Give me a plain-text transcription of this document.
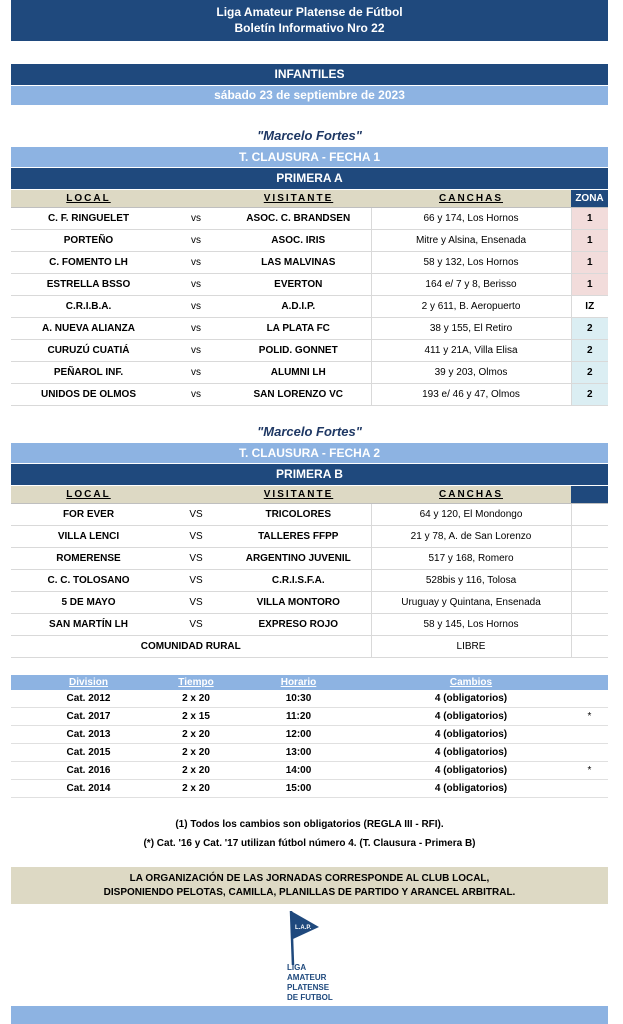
Liga Amateur Platense de Fútbol
Boletín Informativo Nro 22
INFANTILES
sábado 23 de septiembre de 2023
"Marcelo Fortes"
T. CLAUSURA - FECHA 1
PRIMERA A
LOCAL		VISITANTE	CANCHAS	ZONA
C. F. RINGUELET	vs	ASOC. C. BRANDSEN	66 y 174, Los Hornos	1
PORTEÑO	vs	ASOC. IRIS	Mitre y Alsina, Ensenada	1
C. FOMENTO LH	vs	LAS MALVINAS	58 y 132, Los Hornos	1
ESTRELLA BSSO	vs	EVERTON	164 e/ 7 y 8, Berisso	1
C.R.I.B.A.	vs	A.D.I.P.	2 y 611, B. Aeropuerto	IZ
A. NUEVA ALIANZA	vs	LA PLATA FC	38 y 155, El Retiro	2
CURUZÚ CUATIÁ	vs	POLID. GONNET	411 y 21A, Villa Elisa	2
PEÑAROL INF.	vs	ALUMNI LH	39 y 203, Olmos	2
UNIDOS DE OLMOS	vs	SAN LORENZO VC	193 e/ 46 y 47, Olmos	2
"Marcelo Fortes"
T. CLAUSURA - FECHA 2
PRIMERA B
LOCAL		VISITANTE	CANCHAS	
FOR EVER	VS	TRICOLORES	64 y 120, El Mondongo	
VILLA LENCI	VS	TALLERES FFPP	21 y 78, A. de San Lorenzo	
ROMERENSE	VS	ARGENTINO JUVENIL	517 y 168, Romero	
C. C. TOLOSANO	VS	C.R.I.S.F.A.	528bis y 116, Tolosa	
5 DE MAYO	VS	VILLA MONTORO	Uruguay y Quintana, Ensenada	
SAN MARTÍN LH	VS	EXPRESO ROJO	58 y 145, Los Hornos	
COMUNIDAD RURAL			LIBRE	
Division	Tiempo	Horario	Cambios	
Cat. 2012	2 x 20	10:30	4 (obligatorios)	
Cat. 2017	2 x 15	11:20	4 (obligatorios)	*
Cat. 2013	2 x 20	12:00	4 (obligatorios)	
Cat. 2015	2 x 20	13:00	4 (obligatorios)	
Cat. 2016	2 x 20	14:00	4 (obligatorios)	*
Cat. 2014	2 x 20	15:00	4 (obligatorios)	
(1) Todos los cambios son obligatorios (REGLA III - RFI).
(*) Cat. '16 y Cat. '17 utilizan fútbol número 4. (T. Clausura - Primera B)
LA ORGANIZACIÓN DE LAS JORNADAS CORRESPONDE AL CLUB LOCAL,
DISPONIENDO PELOTAS, CAMILLA, PLANILLAS DE PARTIDO Y ARANCEL ARBITRAL.
L.A.P.
LIGA
AMATEUR
PLATENSE
DE FUTBOL
